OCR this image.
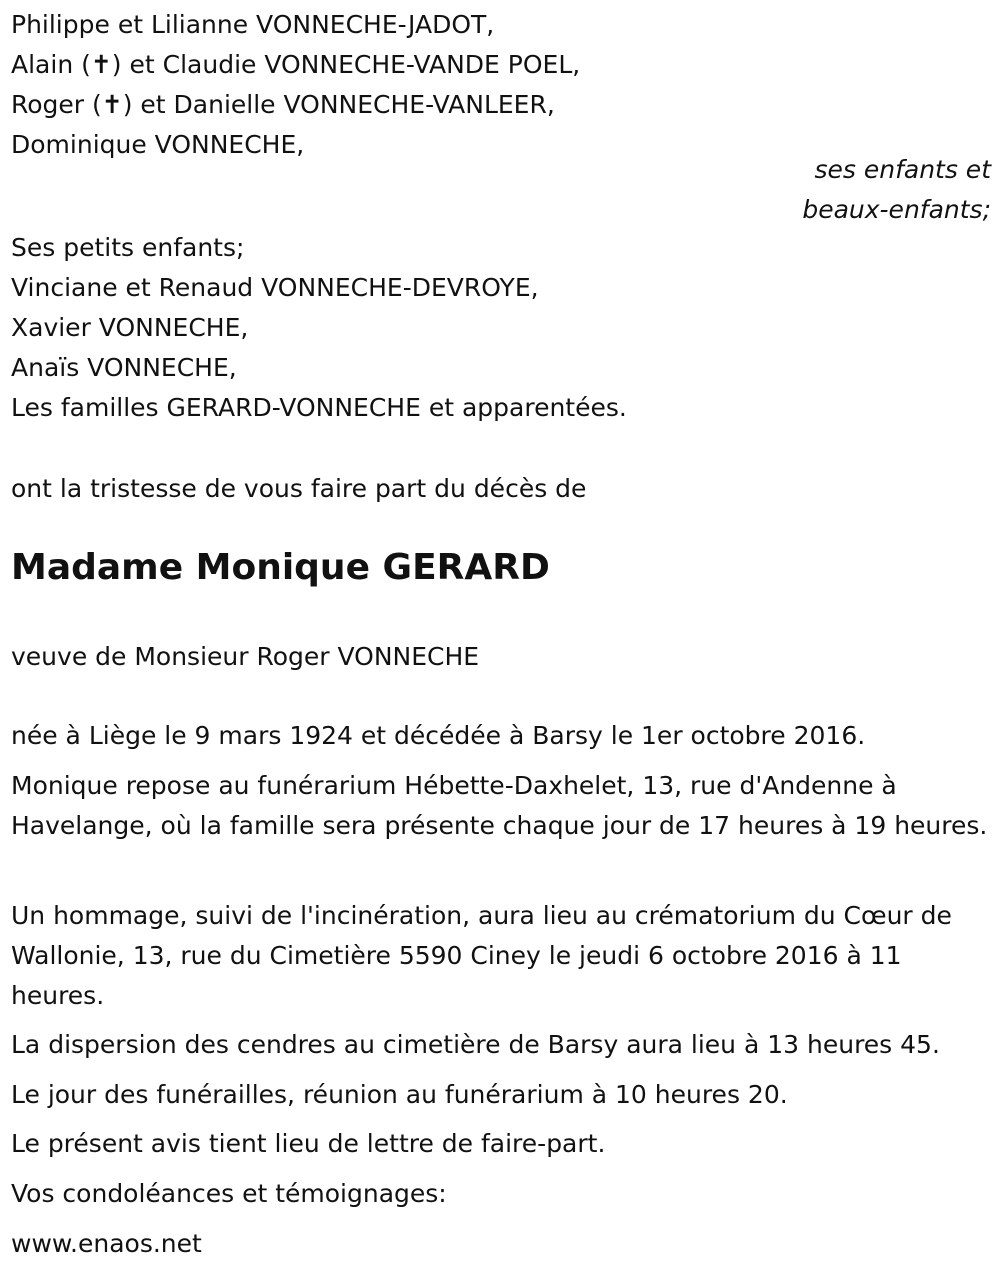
Philippe et Lilianne VONNECHE-JADOT,
Alain (✝) et Claudie VONNECHE-VANDE POEL,
Roger (✝) et Danielle VONNECHE-VANLEER,
Dominique VONNECHE,
ses enfants et
beaux-enfants;
Ses petits enfants;
Vinciane et Renaud VONNECHE-DEVROYE,
Xavier VONNECHE,
Anaïs VONNECHE,
Les familles GERARD-VONNECHE et apparentées.
ont la tristesse de vous faire part du décès de
Madame Monique GERARD
veuve de Monsieur Roger VONNECHE
née à Liège le 9 mars 1924 et décédée à Barsy le 1er octobre 2016.
Monique repose au funérarium Hébette-Daxhelet, 13, rue d'Andenne à Havelange, où la famille sera présente chaque jour de 17 heures à 19 heures.
Un hommage, suivi de l'incinération, aura lieu au crématorium du Cœur de Wallonie, 13, rue du Cimetière 5590 Ciney le jeudi 6 octobre 2016 à 11 heures.
La dispersion des cendres au cimetière de Barsy aura lieu à 13 heures 45.
Le jour des funérailles, réunion au funérarium à 10 heures 20.
Le présent avis tient lieu de lettre de faire-part.
Vos condoléances et témoignages:
www.enaos.net
